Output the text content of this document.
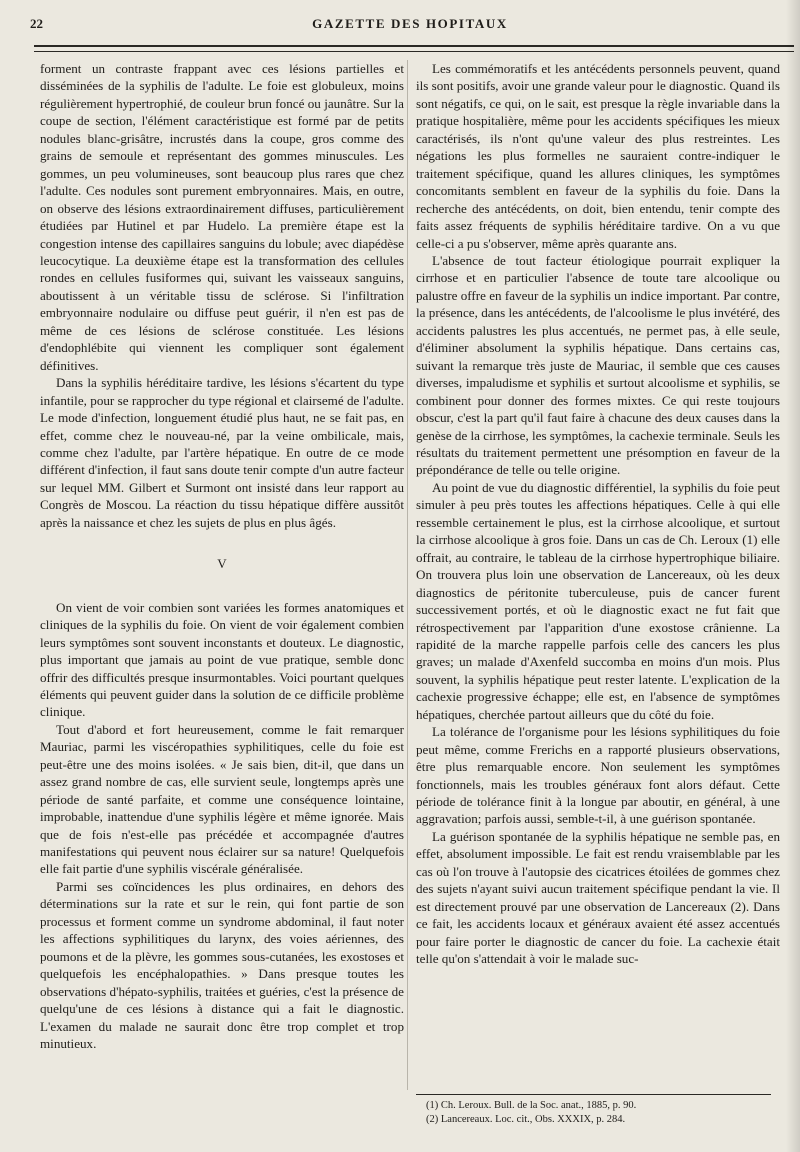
22	GAZETTE DES HOPITAUX

forment un contraste frappant avec ces lésions partielles et disséminées de la syphilis de l'adulte. Le foie est globuleux, moins régulièrement hypertrophié, de couleur brun foncé ou jaunâtre. Sur la coupe de section, l'élément caractéristique est formé par de petits nodules blanc-grisâtre, incrustés dans la coupe, gros comme des grains de semoule et représentant des gommes minuscules. Les gommes, un peu volumineuses, sont beaucoup plus rares que chez l'adulte. Ces nodules sont purement embryonnaires. Mais, en outre, on observe des lésions extraordinairement diffuses, particulièrement étudiées par Hutinel et par Hudelo. La première étape est la congestion intense des capillaires sanguins du lobule; avec diapédèse leucocytique. La deuxième étape est la transformation des cellules rondes en cellules fusiformes qui, suivant les vaisseaux sanguins, aboutissent à un véritable tissu de sclérose. Si l'infiltration embryonnaire nodulaire ou diffuse peut guérir, il n'en est pas de même de ces lésions de sclérose constituée. Les lésions d'endophlébite qui viennent les compliquer sont également définitives.

Dans la syphilis héréditaire tardive, les lésions s'écartent du type infantile, pour se rapprocher du type régional et clairsemé de l'adulte. Le mode d'infection, longuement étudié plus haut, ne se fait pas, en effet, comme chez le nouveau-né, par la veine ombilicale, mais, comme chez l'adulte, par l'artère hépatique. En outre de ce mode différent d'infection, il faut sans doute tenir compte d'un autre facteur sur lequel MM. Gilbert et Surmont ont insisté dans leur rapport au Congrès de Moscou. La réaction du tissu hépatique diffère aussitôt après la naissance et chez les sujets de plus en plus âgés.

V

On vient de voir combien sont variées les formes anatomiques et cliniques de la syphilis du foie. On vient de voir également combien leurs symptômes sont souvent inconstants et douteux. Le diagnostic, plus important que jamais au point de vue pratique, semble donc offrir des difficultés presque insurmontables. Voici pourtant quelques éléments qui peuvent guider dans la solution de ce difficile problème clinique.

Tout d'abord et fort heureusement, comme le fait remarquer Mauriac, parmi les viscéropathies syphilitiques, celle du foie est peut-être une des moins isolées. « Je sais bien, dit-il, que dans un assez grand nombre de cas, elle survient seule, longtemps après une période de santé parfaite, et comme une conséquence lointaine, improbable, inattendue d'une syphilis légère et même ignorée. Mais que de fois n'est-elle pas précédée et accompagnée d'autres manifestations qui peuvent nous éclairer sur sa nature! Quelquefois elle fait partie d'une syphilis viscérale généralisée.

Parmi ses coïncidences les plus ordinaires, en dehors des déterminations sur la rate et sur le rein, qui font partie de son processus et forment comme un syndrome abdominal, il faut noter les affections syphilitiques du larynx, des voies aériennes, des poumons et de la plèvre, les gommes sous-cutanées, les exostoses et quelquefois les encéphalopathies. » Dans presque toutes les observations d'hépato-syphilis, traitées et guéries, c'est la présence de quelqu'une de ces lésions à distance qui a fait le diagnostic. L'examen du malade ne saurait donc être trop complet et trop minutieux.

Les commémoratifs et les antécédents personnels peuvent, quand ils sont positifs, avoir une grande valeur pour le diagnostic. Quand ils sont négatifs, ce qui, on le sait, est presque la règle invariable dans la pratique hospitalière, même pour les accidents spécifiques les mieux caractérisés, ils n'ont qu'une valeur des plus restreintes. Les négations les plus formelles ne sauraient contre-indiquer le traitement spécifique, quand les allures cliniques, les symptômes concomitants semblent en faveur de la syphilis du foie. Dans la recherche des antécédents, on doit, bien entendu, tenir compte des faits assez fréquents de syphilis héréditaire tardive. On a vu que celle-ci a pu s'observer, même après quarante ans.

L'absence de tout facteur étiologique pourrait expliquer la cirrhose et en particulier l'absence de toute tare alcoolique ou palustre offre en faveur de la syphilis un indice important. Par contre, la présence, dans les antécédents, de l'alcoolisme le plus invétéré, des accidents palustres les plus accentués, ne permet pas, à elle seule, d'éliminer absolument la syphilis hépatique. Dans certains cas, suivant la remarque très juste de Mauriac, il semble que ces causes diverses, impaludisme et syphilis et surtout alcoolisme et syphilis, se combinent pour donner des formes mixtes. Ce qui reste toujours obscur, c'est la part qu'il faut faire à chacune des deux causes dans la genèse de la cirrhose, les symptômes, la cachexie terminale. Seuls les résultats du traitement permettent une présomption en faveur de la prépondérance de telle ou telle origine.

Au point de vue du diagnostic différentiel, la syphilis du foie peut simuler à peu près toutes les affections hépatiques. Celle à qui elle ressemble certainement le plus, est la cirrhose alcoolique, et surtout la cirrhose alcoolique à gros foie. Dans un cas de Ch. Leroux (1) elle offrait, au contraire, le tableau de la cirrhose hypertrophique biliaire. On trouvera plus loin une observation de Lancereaux, où les deux diagnostics de péritonite tuberculeuse, puis de cancer furent successivement portés, et où le diagnostic exact ne fut fait que rétrospectivement par l'apparition d'une exostose crânienne. La rapidité de la marche rappelle parfois celle des cancers les plus graves; un malade d'Axenfeld succomba en moins d'un mois. Plus souvent, la syphilis hépatique peut rester latente. L'explication de la cachexie progressive échappe; elle est, en l'absence de symptômes hépatiques, cherchée partout ailleurs que du côté du foie.

La tolérance de l'organisme pour les lésions syphilitiques du foie peut même, comme Frerichs en a rapporté plusieurs observations, être plus remarquable encore. Non seulement les symptômes fonctionnels, mais les troubles généraux font alors défaut. Cette période de tolérance finit à la longue par aboutir, en général, à une aggravation; parfois aussi, semble-t-il, à une guérison spontanée.

La guérison spontanée de la syphilis hépatique ne semble pas, en effet, absolument impossible. Le fait est rendu vraisemblable par les cas où l'on trouve à l'autopsie des cicatrices étoilées de gommes chez des sujets n'ayant suivi aucun traitement spécifique pendant la vie. Il est directement prouvé par une observation de Lancereaux (2). Dans ce fait, les accidents locaux et généraux avaient été assez accentués pour faire porter le diagnostic de cancer du foie. La cachexie était telle qu'on s'attendait à voir le malade suc-

(1) Ch. Leroux. Bull. de la Soc. anat., 1885, p. 90.
(2) Lancereaux. Loc. cit., Obs. XXXIX, p. 284.
